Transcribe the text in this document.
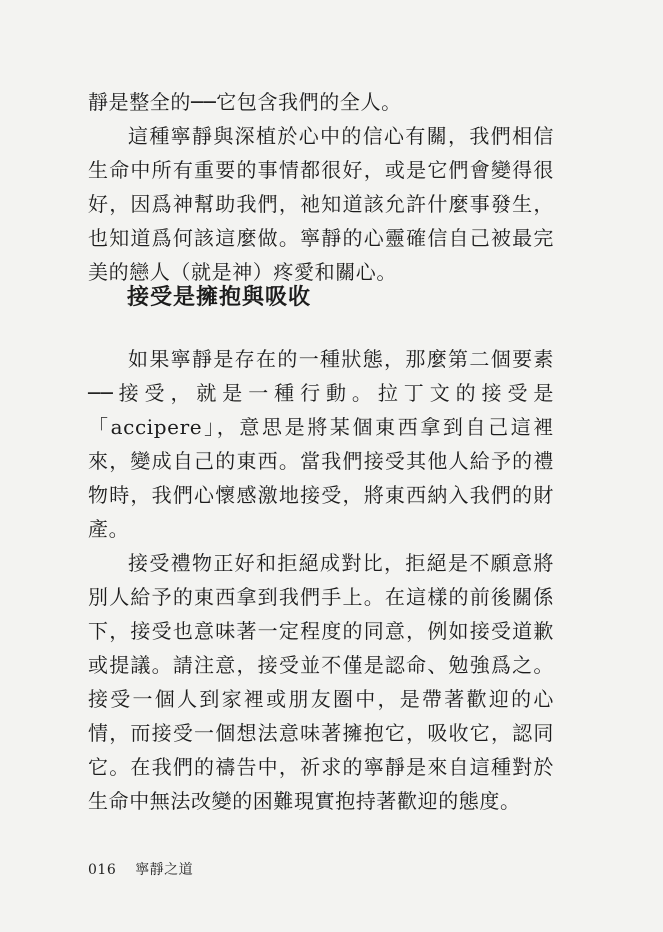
靜是整全的──它包含我們的全人。

這種寧靜與深植於心中的信心有關，我們相信生命中所有重要的事情都很好，或是它們會變得很好，因爲神幫助我們，祂知道該允許什麼事發生，也知道爲何該這麼做。寧靜的心靈確信自己被最完美的戀人（就是神）疼愛和關心。

接受是擁抱與吸收

如果寧靜是存在的一種狀態，那麼第二個要素──接受，就是一種行動。拉丁文的接受是「accipere」，意思是將某個東西拿到自己這裡來，變成自己的東西。當我們接受其他人給予的禮物時，我們心懷感激地接受，將東西納入我們的財產。

接受禮物正好和拒絕成對比，拒絕是不願意將別人給予的東西拿到我們手上。在這樣的前後關係下，接受也意味著一定程度的同意，例如接受道歉或提議。請注意，接受並不僅是認命、勉強爲之。接受一個人到家裡或朋友圈中，是帶著歡迎的心情，而接受一個想法意味著擁抱它，吸收它，認同它。在我們的禱告中，祈求的寧靜是來自這種對於生命中無法改變的困難現實抱持著歡迎的態度。

016 寧靜之道
